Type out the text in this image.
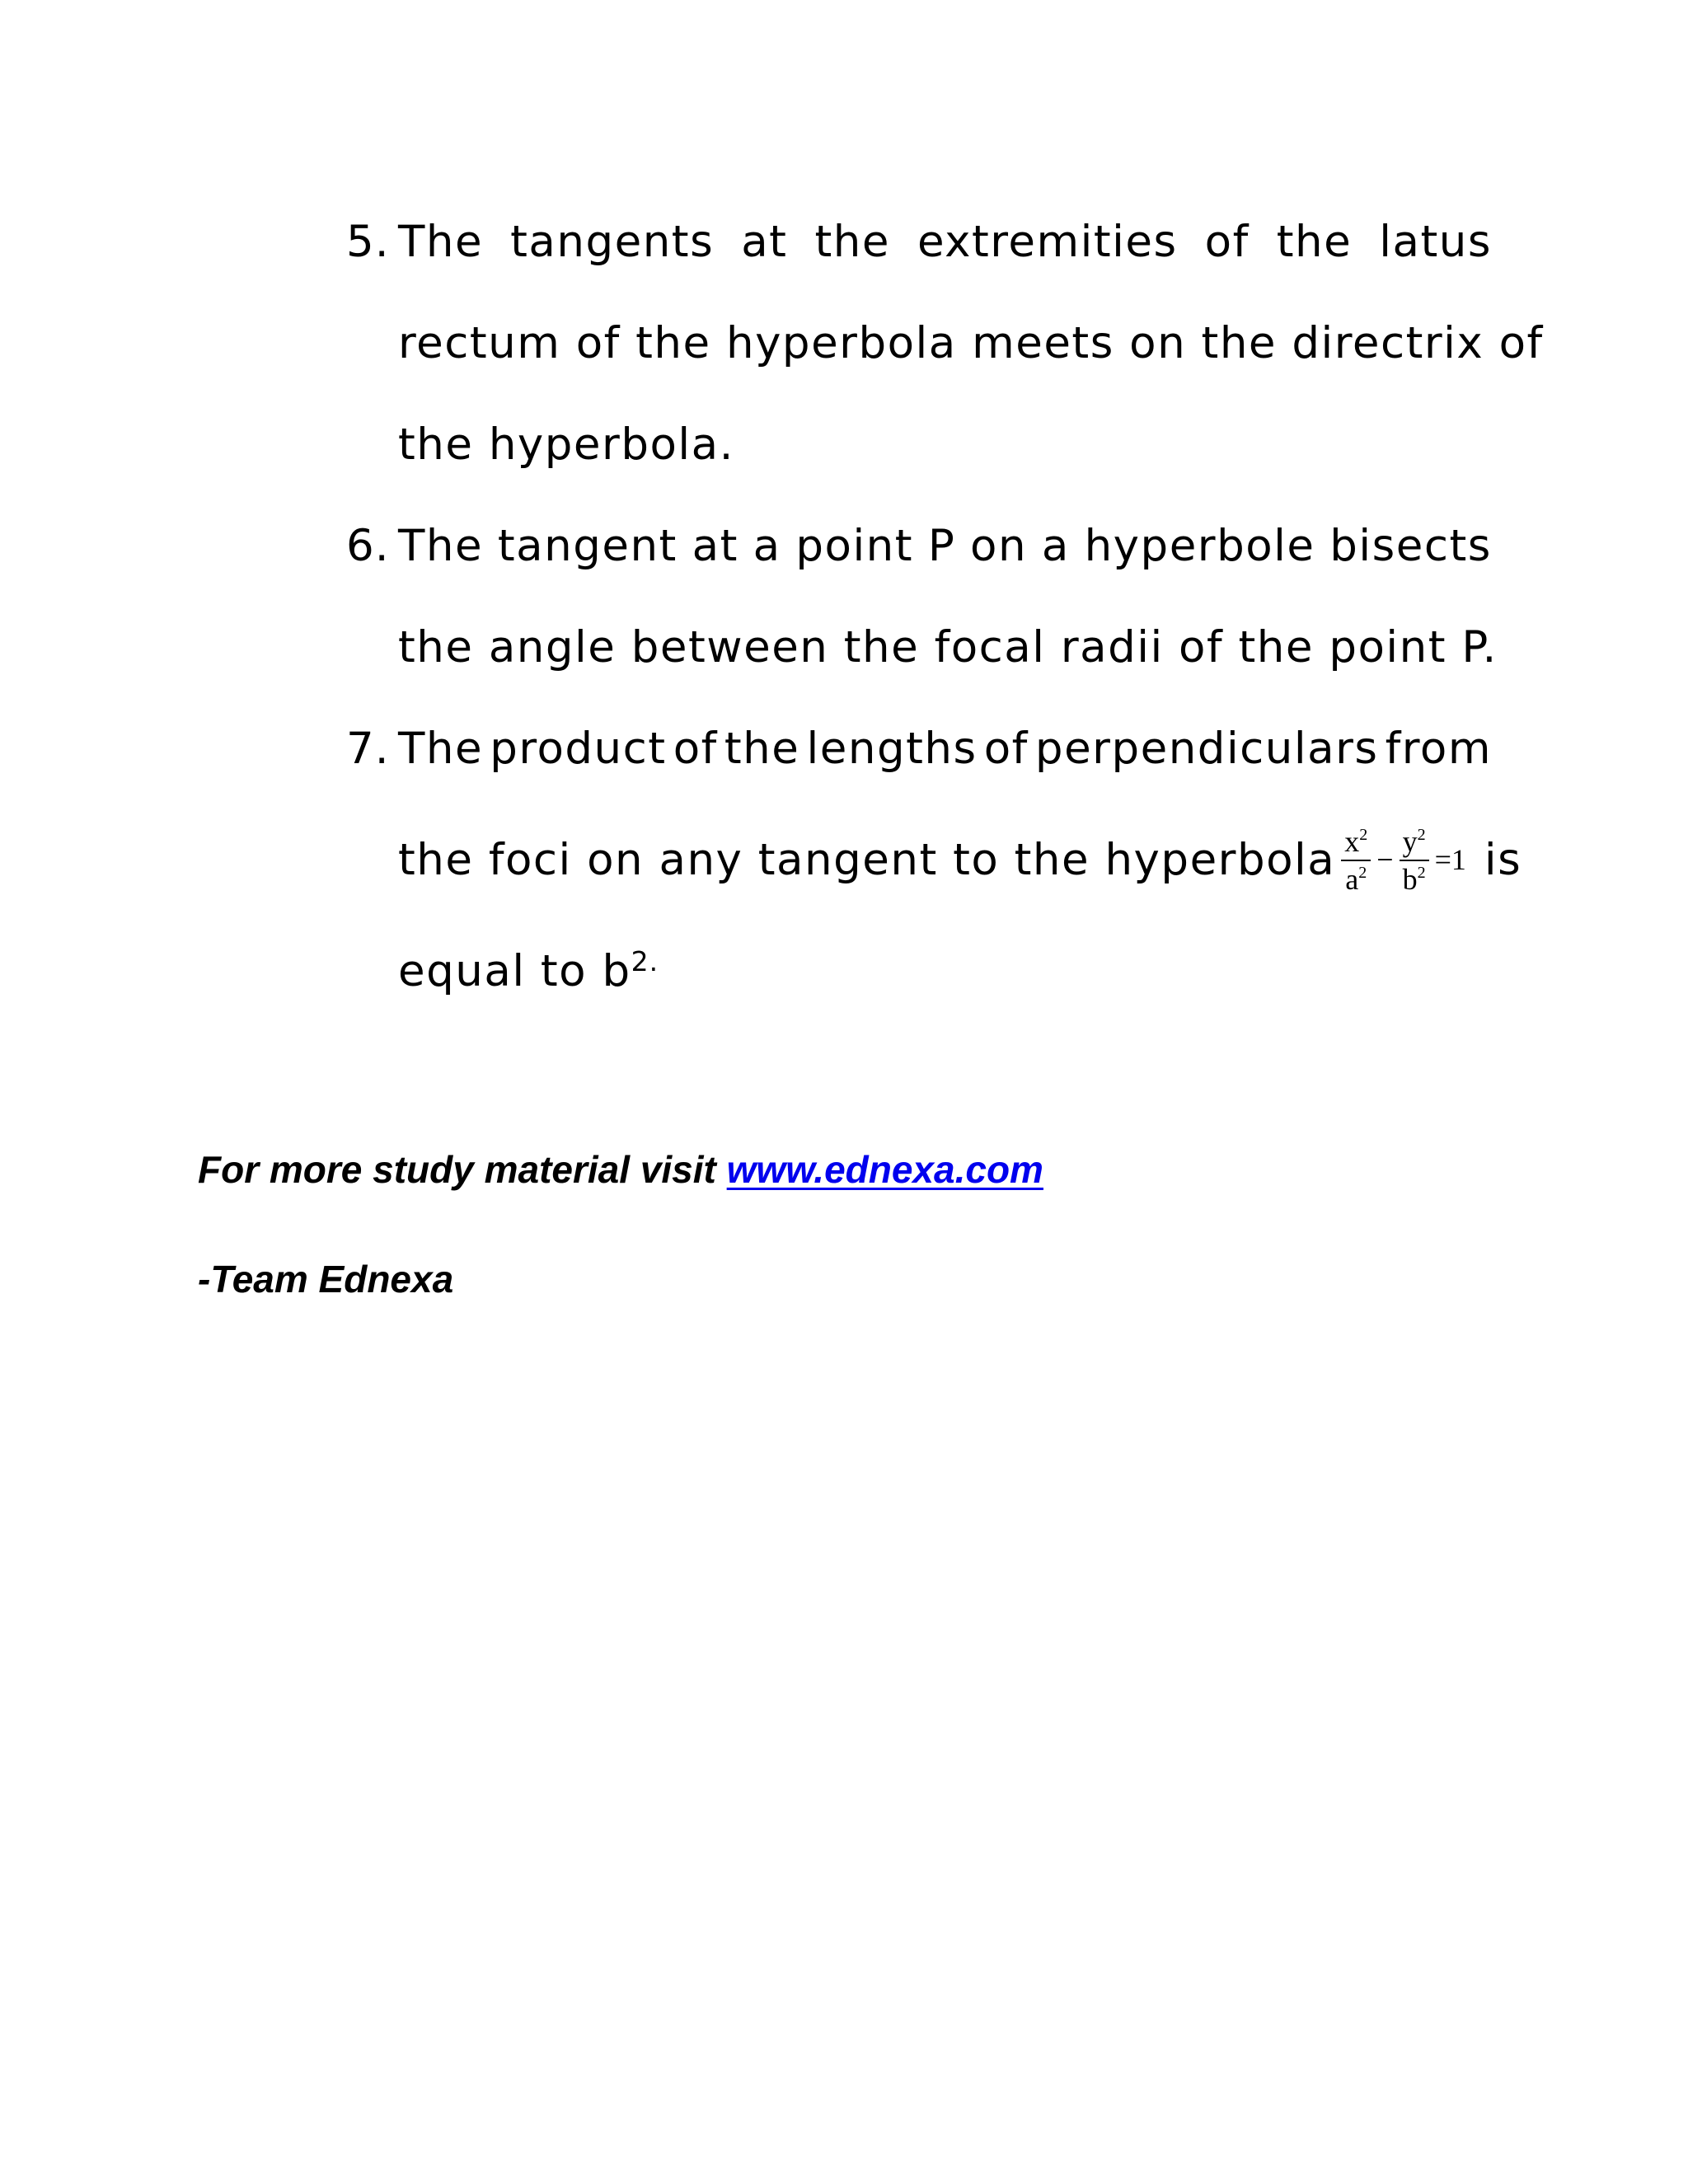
5. The tangents at the extremities of the latus
rectum of the hyperbola meets on the directrix of
the hyperbola.
6. The tangent at a point P on a hyperbole bisects
the angle between the focal radii of the point P.
7. The product of the lengths of perpendiculars from
the foci on any tangent to the hyperbola $\frac{x^2}{a^2} - \frac{y^2}{b^2} =1$ is
equal to $b^{2.}$
For more study material visit www.ednexa.com
-Team Ednexa
